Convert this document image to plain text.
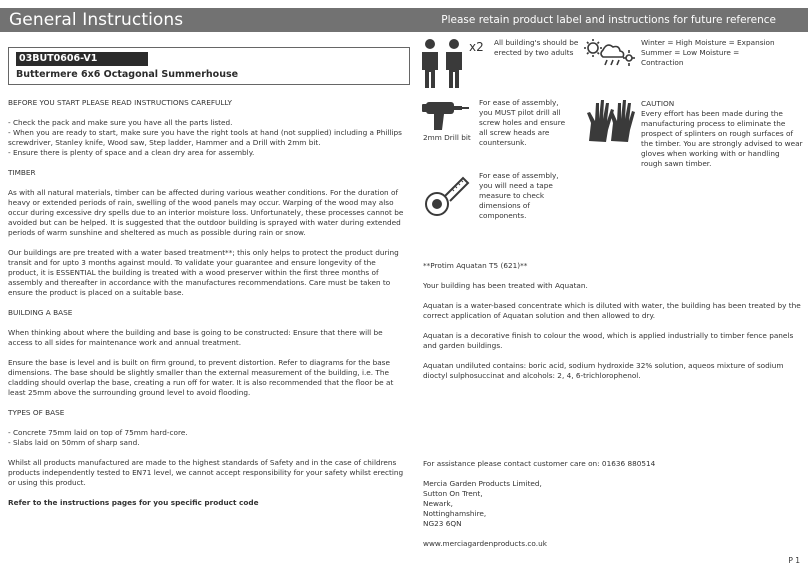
General Instructions	Please retain product label and instructions for future reference
03BUT0606-V1
Buttermere 6x6 Octagonal Summerhouse
BEFORE YOU START PLEASE READ INSTRUCTIONS CAREFULLY

- Check the pack and make sure you have all the parts listed.
- When you are ready to start, make sure you have the right tools at hand (not supplied) including a Phillips screwdriver, Stanley knife, Wood saw, Step ladder, Hammer and a Drill with 2mm bit.
- Ensure there is plenty of space and a clean dry area for assembly.

TIMBER

As with all natural materials, timber can be affected during various weather conditions. For the duration of heavy or extended periods of rain, swelling of the wood panels may occur. Warping of the wood may also occur during excessive dry spells due to an interior moisture loss. Unfortunately, these processes cannot be avoided but can be helped. It is suggested that the outdoor building is sprayed with water during extended periods of warm sunshine and sheltered as much as possible during rain or snow.

Our buildings are pre treated with a water based treatment**; this only helps to protect the product during transit and for upto 3 months against mould. To validate your guarantee and ensure longevity of the product, it is ESSENTIAL the building is treated with a wood preserver within the first three months of assembly and thereafter in accordance with the manufactures recommendations. Care must be taken to ensure the product is placed on a suitable base.

BUILDING A BASE

When thinking about where the building and base is going to be constructed: Ensure that there will be access to all sides for maintenance work and annual treatment.

Ensure the base is level and is built on firm ground, to prevent distortion. Refer to diagrams for the base dimensions. The base should be slightly smaller than the external measurement of the building, i.e. The cladding should overlap the base, creating a run off for water. It is also recommended that the floor be at least 25mm above the surrounding ground level to avoid flooding.

TYPES OF BASE

- Concrete 75mm laid on top of 75mm hard-core.
- Slabs laid on 50mm of sharp sand.

Whilst all products manufactured are made to the highest standards of Safety and in the case of childrens products independently tested to EN71 level, we cannot accept responsibility for your safety whilst erecting or using this product.

Refer to the instructions pages for you specific product code

x2 All building's should be erected by two adults
Winter = High Moisture = Expansion Summer = Low Moisture = Contraction
2mm Drill bit
For ease of assembly, you MUST pilot drill all screw holes and ensure all screw heads are countersunk.
CAUTION
Every effort has been made during the manufacturing process to eliminate the prospect of splinters on rough surfaces of the timber. You are strongly advised to wear gloves when working with or handling rough sawn timber.
For ease of assembly, you will need a tape measure to check dimensions of components.

**Protim Aquatan T5 (621)**

Your building has been treated with Aquatan.

Aquatan is a water-based concentrate which is diluted with water, the building has been treated by the correct application of Aquatan solution and then allowed to dry.

Aquatan is a decorative finish to colour the wood, which is applied industrially to timber fence panels and garden buildings.

Aquatan undiluted contains: boric acid, sodium hydroxide 32% solution, aqueos mixture of sodium dioctyl sulphosuccinat and alcohols: 2, 4, 6-trichlorophenol.

For assistance please contact customer care on: 01636 880514

Mercia Garden Products Limited,
Sutton On Trent,
Newark,
Nottinghamshire,
NG23 6QN

www.merciagardenproducts.co.uk

P 1
